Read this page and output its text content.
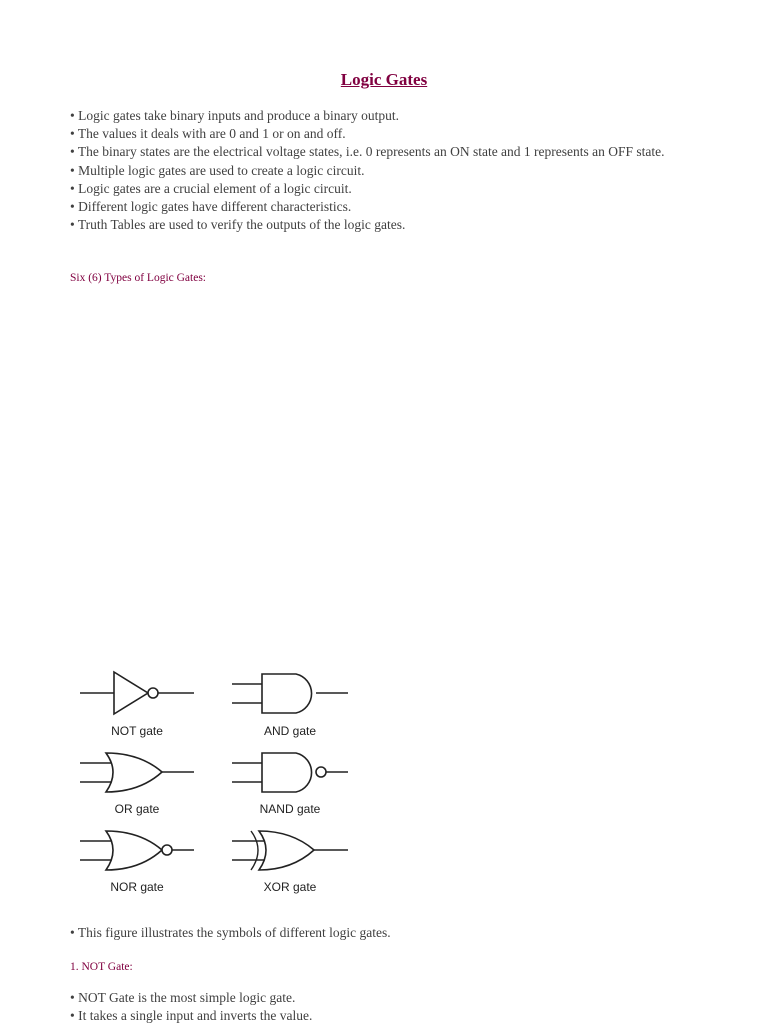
Logic Gates
• Logic gates take binary inputs and produce a binary output.
• The values it deals with are 0 and 1 or on and off.
• The binary states are the electrical voltage states, i.e. 0 represents an ON state and 1 represents an OFF state.
• Multiple logic gates are used to create a logic circuit.
• Logic gates are a crucial element of a logic circuit.
• Different logic gates have different characteristics.
• Truth Tables are used to verify the outputs of the logic gates.
Six (6) Types of Logic Gates:
NOT gate	AND gate
OR gate	NAND gate
NOR gate	XOR gate
• This figure illustrates the symbols of different logic gates.
1. NOT Gate:
• NOT Gate is the most simple logic gate.
• It takes a single input and inverts the value.
